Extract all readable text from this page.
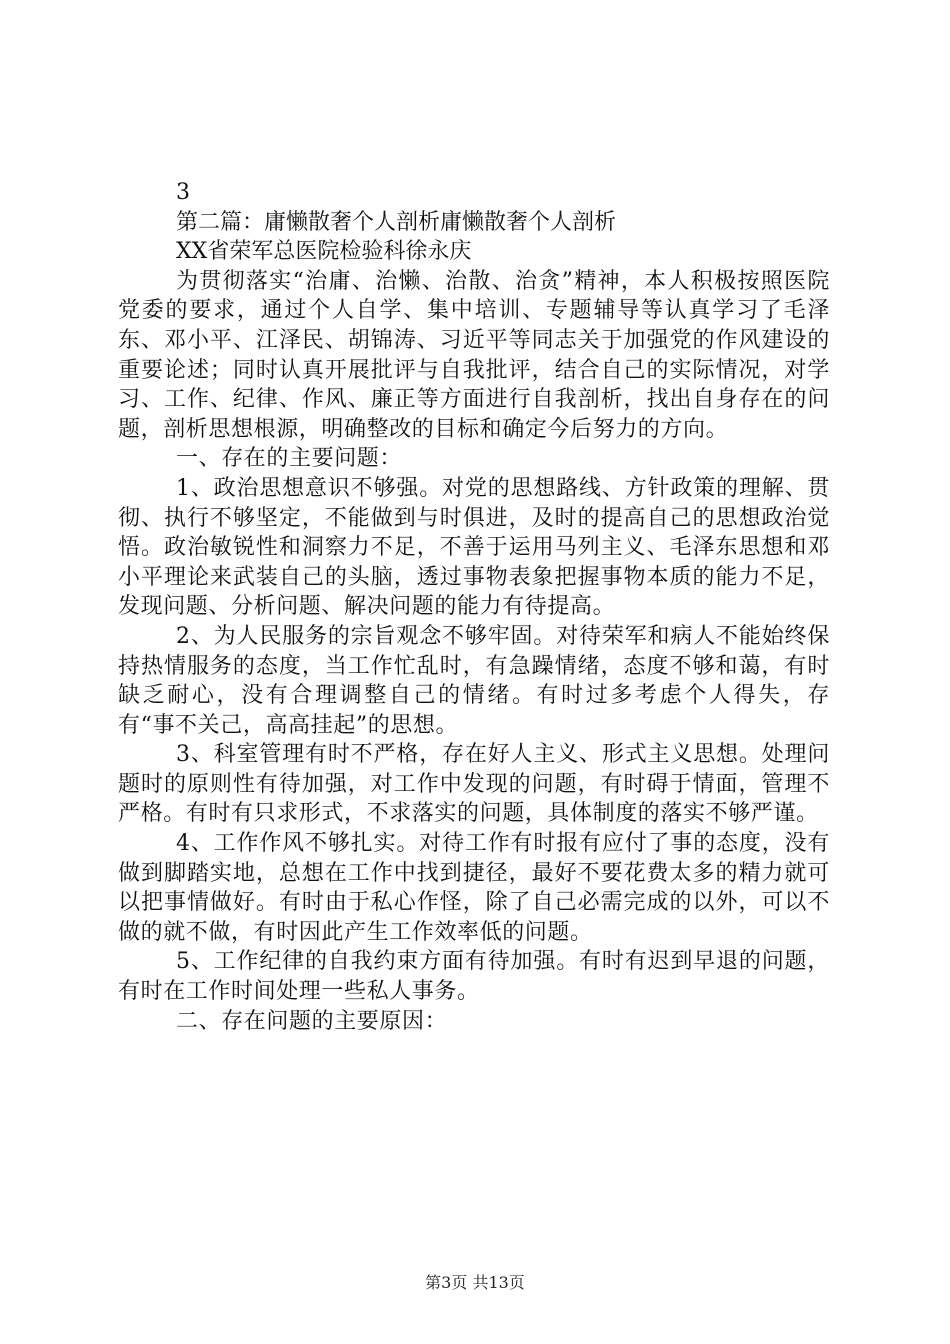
3

第二篇：庸懒散奢个人剖析庸懒散奢个人剖析

XX省荣军总医院检验科徐永庆

为贯彻落实“治庸、治懒、治散、治贪”精神，本人积极按照医院党委的要求，通过个人自学、集中培训、专题辅导等认真学习了毛泽东、邓小平、江泽民、胡锦涛、习近平等同志关于加强党的作风建设的重要论述；同时认真开展批评与自我批评，结合自己的实际情况，对学习、工作、纪律、作风、廉正等方面进行自我剖析，找出自身存在的问题，剖析思想根源，明确整改的目标和确定今后努力的方向。

一、存在的主要问题：

1、政治思想意识不够强。对党的思想路线、方针政策的理解、贯彻、执行不够坚定，不能做到与时俱进，及时的提高自己的思想政治觉悟。政治敏锐性和洞察力不足，不善于运用马列主义、毛泽东思想和邓小平理论来武装自己的头脑，透过事物表象把握事物本质的能力不足，发现问题、分析问题、解决问题的能力有待提高。

2、为人民服务的宗旨观念不够牢固。对待荣军和病人不能始终保持热情服务的态度，当工作忙乱时，有急躁情绪，态度不够和蔼，有时缺乏耐心，没有合理调整自己的情绪。有时过多考虑个人得失，存有“事不关己，高高挂起”的思想。

3、科室管理有时不严格，存在好人主义、形式主义思想。处理问题时的原则性有待加强，对工作中发现的问题，有时碍于情面，管理不严格。有时有只求形式，不求落实的问题，具体制度的落实不够严谨。

4、工作作风不够扎实。对待工作有时报有应付了事的态度，没有做到脚踏实地，总想在工作中找到捷径，最好不要花费太多的精力就可以把事情做好。有时由于私心作怪，除了自己必需完成的以外，可以不做的就不做，有时因此产生工作效率低的问题。

5、工作纪律的自我约束方面有待加强。有时有迟到早退的问题，有时在工作时间处理一些私人事务。

二、存在问题的主要原因：

第3页 共13页
